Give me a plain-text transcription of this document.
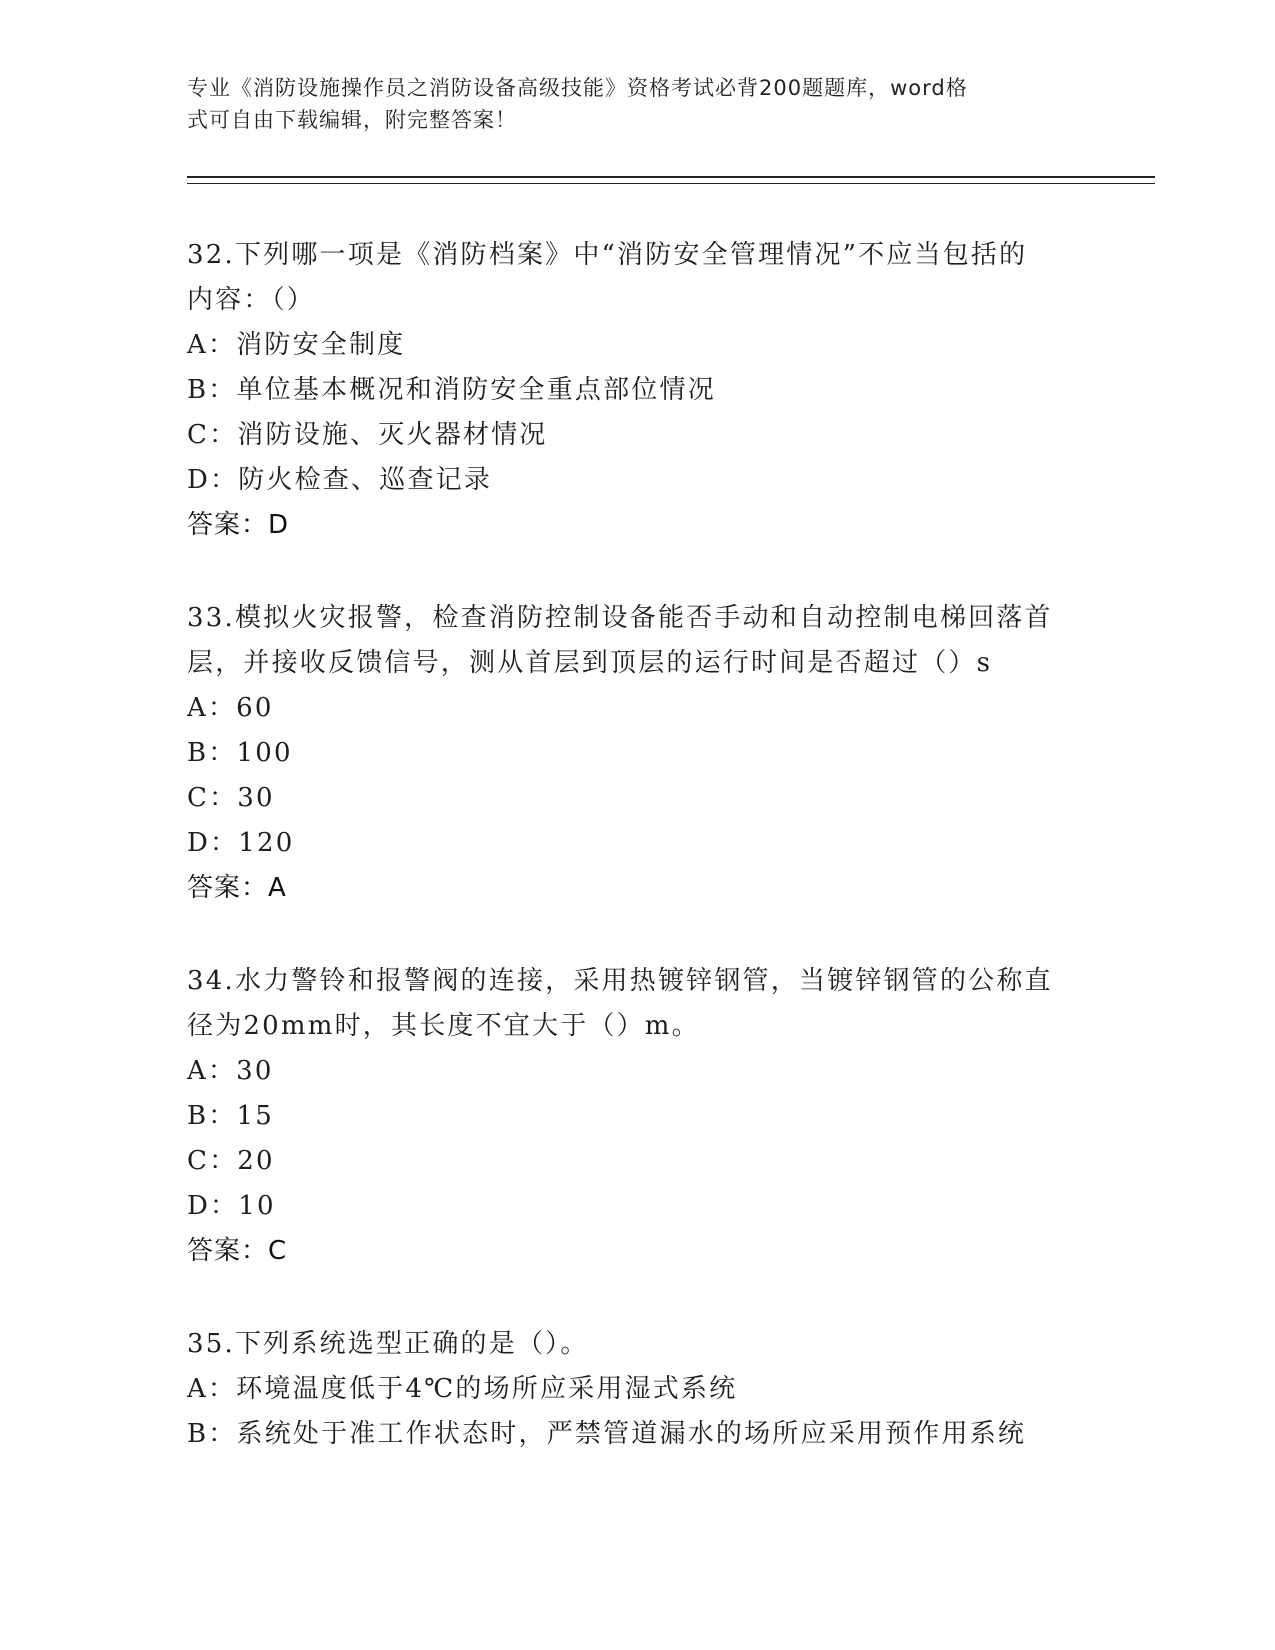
专业《消防设施操作员之消防设备高级技能》资格考试必背200题题库，word格
式可自由下载编辑，附完整答案！
32.下列哪一项是《消防档案》中“消防安全管理情况”不应当包括的
内容：（）
A：消防安全制度
B：单位基本概况和消防安全重点部位情况
C：消防设施、灭火器材情况
D：防火检查、巡查记录
答案：D
33.模拟火灾报警，检查消防控制设备能否手动和自动控制电梯回落首
层，并接收反馈信号，测从首层到顶层的运行时间是否超过（）s
A：60
B：100
C：30
D：120
答案：A
34.水力警铃和报警阀的连接，采用热镀锌钢管，当镀锌钢管的公称直
径为20mm时，其长度不宜大于（）m。
A：30
B：15
C：20
D：10
答案：C
35.下列系统选型正确的是（）。
A：环境温度低于4℃的场所应采用湿式系统
B：系统处于准工作状态时，严禁管道漏水的场所应采用预作用系统
